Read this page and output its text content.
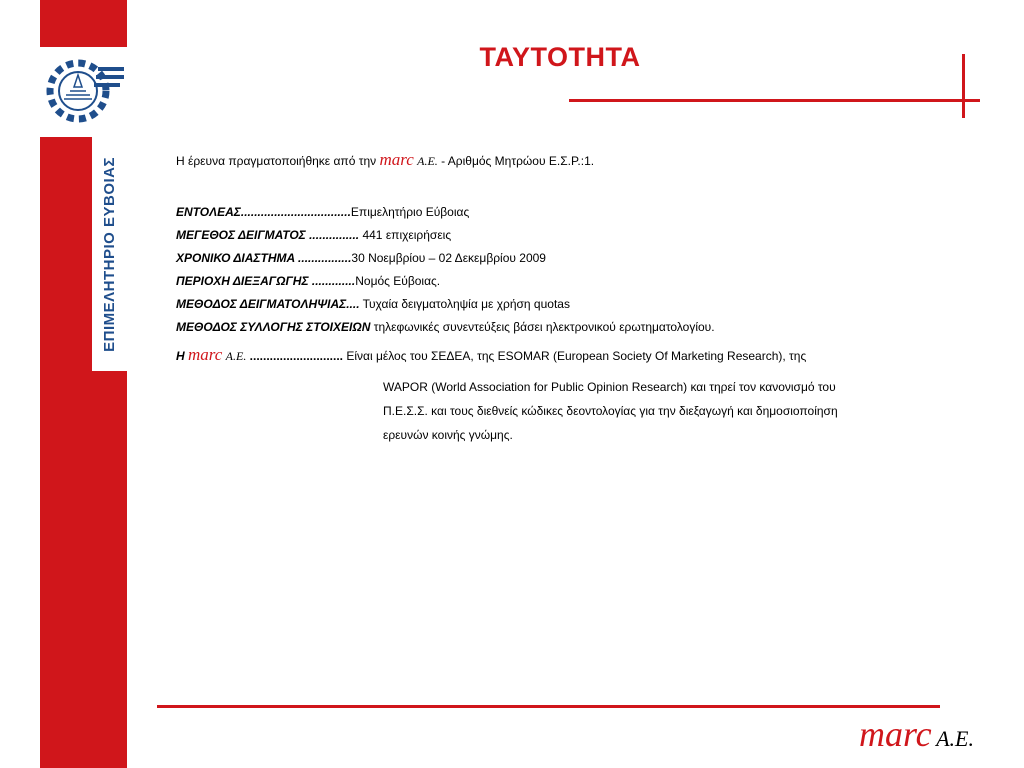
ΕΠΙΜΕΛΗΤΗΡΙΟ ΕΥΒΟΙΑΣ
ΤΑΥΤΟΤΗΤΑ
Η έρευνα πραγματοποιήθηκε από την marc Α.Ε. - Αριθμός Μητρώου Ε.Σ.Ρ.:1.
ΕΝΤΟΛΕΑΣ.................................Επιμελητήριο Εύβοιας
ΜΕΓΕΘΟΣ ΔΕΙΓΜΑΤΟΣ ............... 441 επιχειρήσεις
ΧΡΟΝΙΚΟ ΔΙΑΣΤΗΜΑ ................30 Νοεμβρίου – 02 Δεκεμβρίου 2009
ΠΕΡΙΟΧΗ ΔΙΕΞΑΓΩΓΗΣ .............Νομός Εύβοιας.
ΜΕΘΟΔΟΣ ΔΕΙΓΜΑΤΟΛΗΨΙΑΣ.... Τυχαία δειγματοληψία με χρήση quotas
ΜΕΘΟΔΟΣ ΣΥΛΛΟΓΗΣ ΣΤΟΙΧΕΙΩΝ τηλεφωνικές συνεντεύξεις βάσει ηλεκτρονικού ερωτηματολογίου.
Η marc Α.Ε. ............................ Είναι μέλος του ΣΕΔΕΑ, της ESOMAR (European Society Of Marketing Research), της
WAPOR (World Association for Public Opinion Research) και τηρεί τον κανονισμό του
Π.Ε.Σ.Σ. και τους διεθνείς κώδικες δεοντολογίας για την διεξαγωγή και δημοσιοποίηση
ερευνών κοινής γνώμης.
marc Α.Ε.
